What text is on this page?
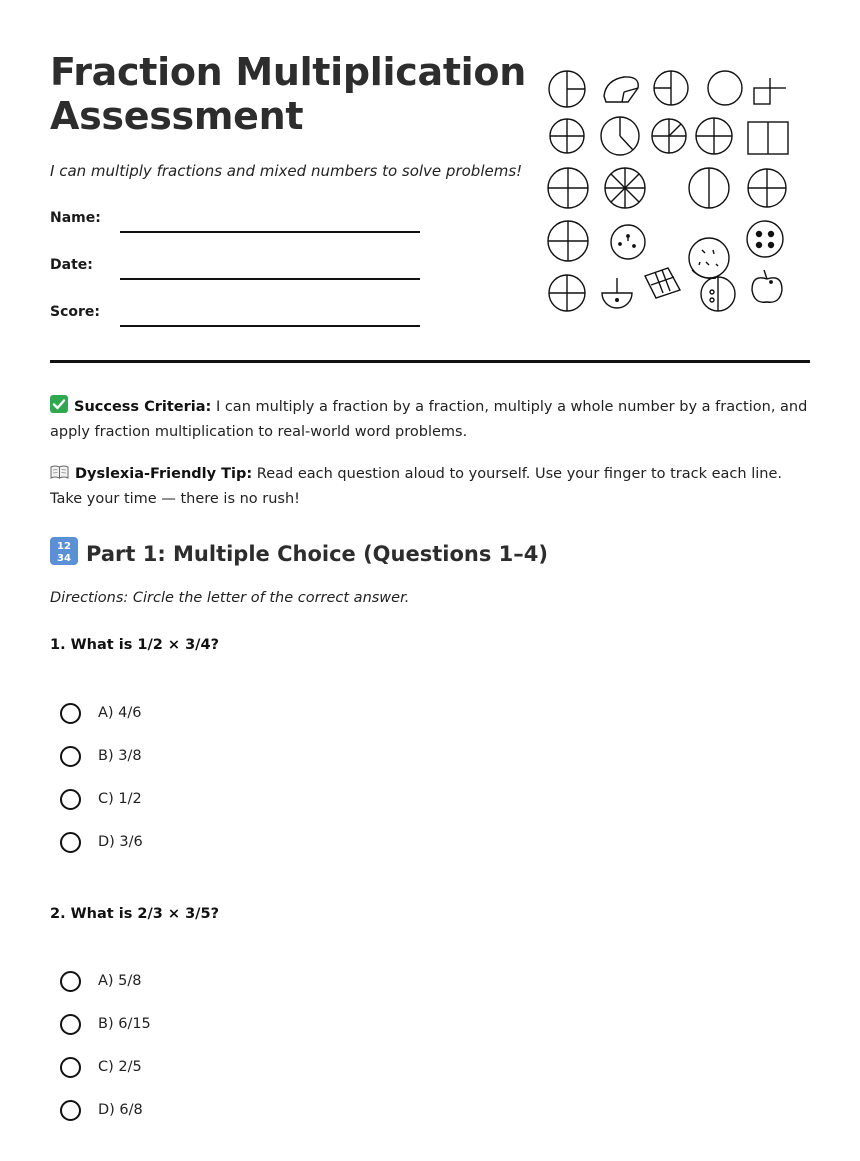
Fraction Multiplication
Assessment

I can multiply fractions and mixed numbers to solve problems!

Name:
Date:
Score:

Success Criteria: I can multiply a fraction by a fraction, multiply a whole number by a fraction, and apply fraction multiplication to real-world word problems.

Dyslexia-Friendly Tip: Read each question aloud to yourself. Use your finger to track each line. Take your time — there is no rush!

12
34 Part 1: Multiple Choice (Questions 1–4)

Directions: Circle the letter of the correct answer.

1. What is 1/2 × 3/4?

A) 4/6
B) 3/8
C) 1/2
D) 3/6

2. What is 2/3 × 3/5?

A) 5/8
B) 6/15
C) 2/5
D) 6/8
